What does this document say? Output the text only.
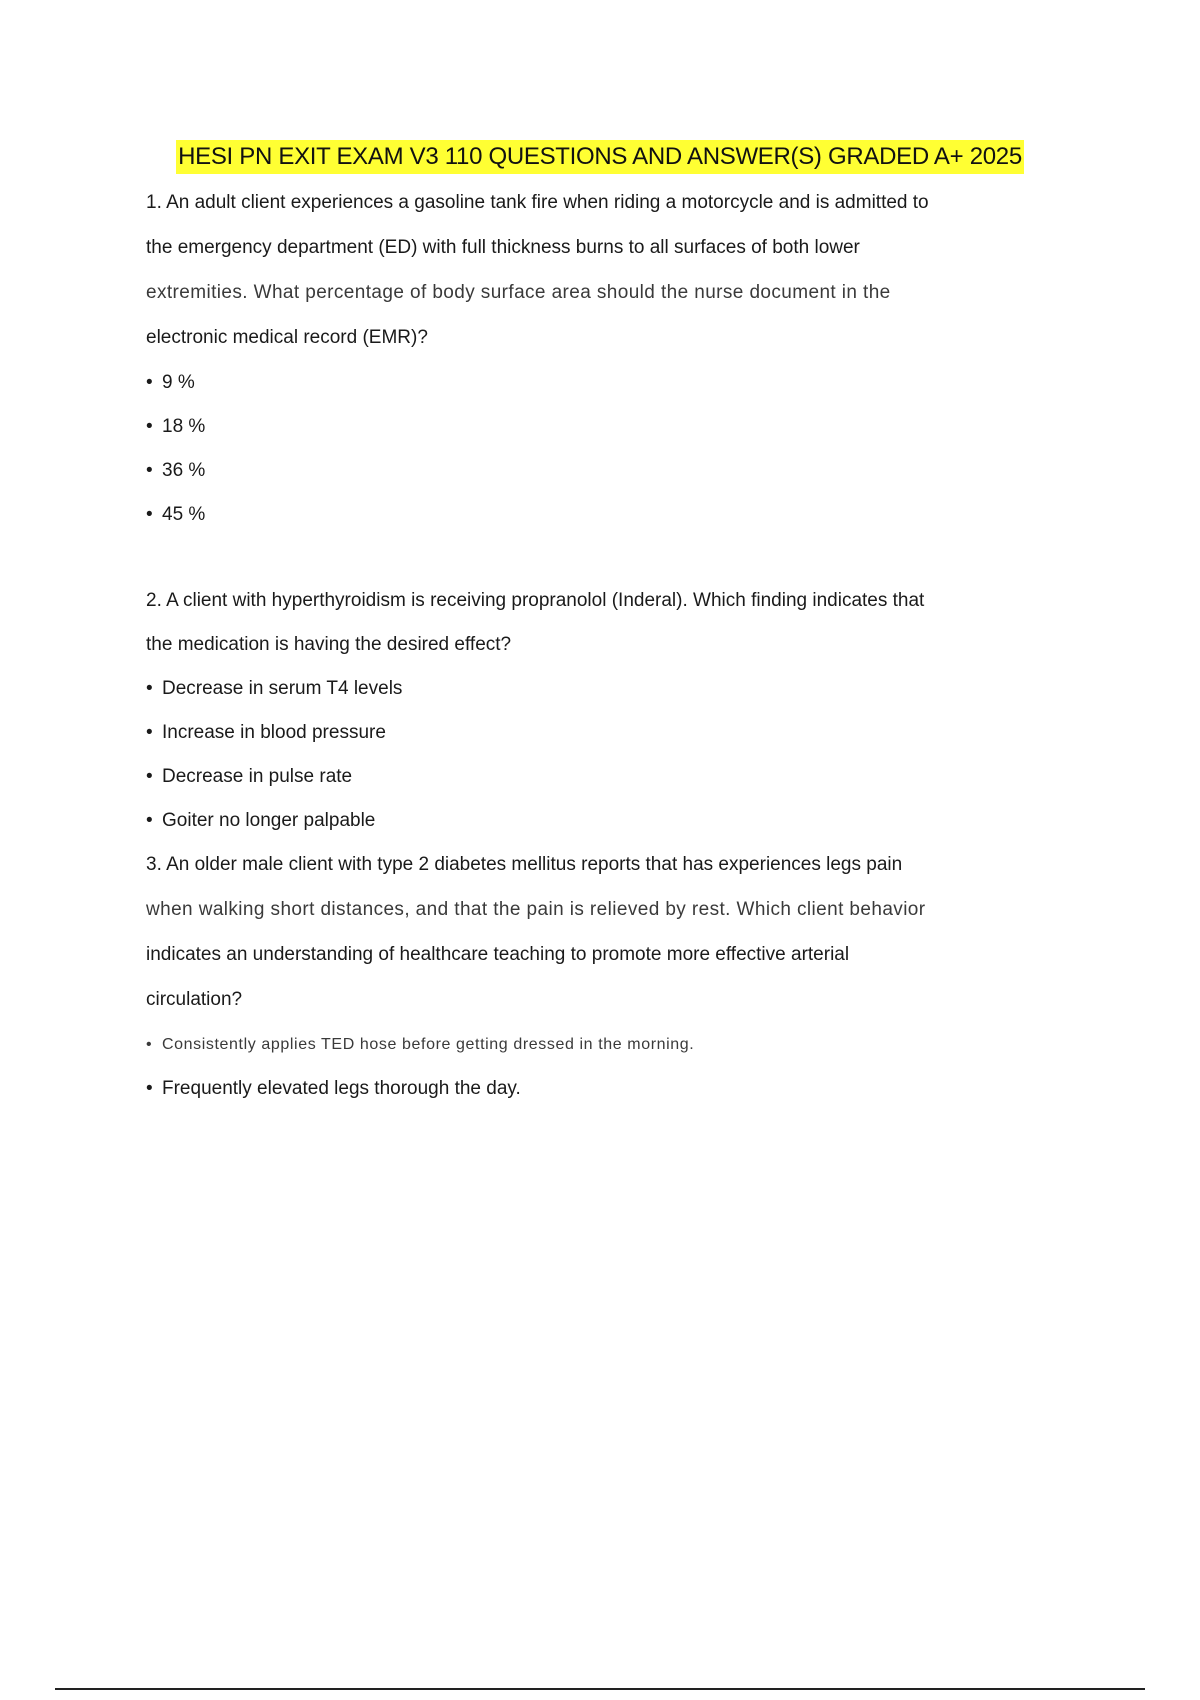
HESI PN EXIT EXAM V3 110 QUESTIONS AND ANSWER(S) GRADED A+ 2025
1. An adult client experiences a gasoline tank fire when riding a motorcycle and is admitted to
the emergency department (ED) with full thickness burns to all surfaces of both lower
extremities. What percentage of body surface area should the nurse document in the
electronic medical record (EMR)?
• 9 %
• 18 %
• 36 %
• 45 %
2. A client with hyperthyroidism is receiving propranolol (Inderal). Which finding indicates that
the medication is having the desired effect?
• Decrease in serum T4 levels
• Increase in blood pressure
• Decrease in pulse rate
• Goiter no longer palpable
3. An older male client with type 2 diabetes mellitus reports that has experiences legs pain
when walking short distances, and that the pain is relieved by rest. Which client behavior
indicates an understanding of healthcare teaching to promote more effective arterial
circulation?
• Consistently applies TED hose before getting dressed in the morning.
• Frequently elevated legs thorough the day.
